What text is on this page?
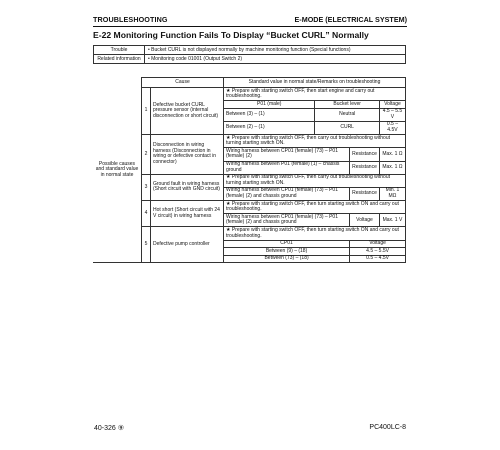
TROUBLESHOOTING	E-MODE (ELECTRICAL SYSTEM)
E-22 Monitoring Function Fails To Display “Bucket CURL” Normally
Trouble	• Bucket CURL is not displayed normally by machine monitoring function (Special functions)
Related information	• Monitoring code 01001 (Output Switch 2)
Possible causes and standard value in normal state	Cause		Standard value in normal state/Remarks on troubleshooting			
	1	Defective bucket CURL pressure sensor (internal disconnection or short circuit)	★ Prepare with starting switch OFF, then start engine and carry out troubleshooting.			
			P01 (male)	Bucket lever		Voltage
			Between (3) – (1)	Neutral		4.5 – 5.5 V
			Between (2) – (1)	CURL		0.5 – 4.5V
	2	Disconnection in wiring harness (Disconnection in wiring or defective contact in connector)	★ Prepare with starting switch OFF, then carry out troubleshooting without turning starting switch ON.			
			Wiring harness between CP01 (female) (73) – P01 (female) (2)		Resistance	Max. 1 Ω
			Wiring harness between P01 (female) (1) – chassis ground		Resistance	Max. 1 Ω
	3	Ground fault in wiring harness (Short circuit with GND circuit)	★ Prepare with starting switch OFF, then carry out troubleshooting without turning starting switch ON.			
			Wiring harness between CP01 (female) (73) – P01 (female) (2) and chassis ground		Resistance	Min. 1 MΩ
	4	Hot short (Short circuit with 24 V circuit) in wiring harness	★ Prepare with starting switch OFF, then turn starting switch ON and carry out troubleshooting.			
			Wiring harness between CP01 (female) (73) – P01 (female) (2) and chassis ground		Voltage	Max. 1 V
	5	Defective pump controller	★ Prepare with starting switch OFF, then turn starting switch ON and carry out troubleshooting.			
			CP01		Voltage	
			Between (9) – (18)		4.5 – 5.5V	
			Between (73) – (18)		0.5 – 4.5V	
40-326 ⑨	PC400LC-8
